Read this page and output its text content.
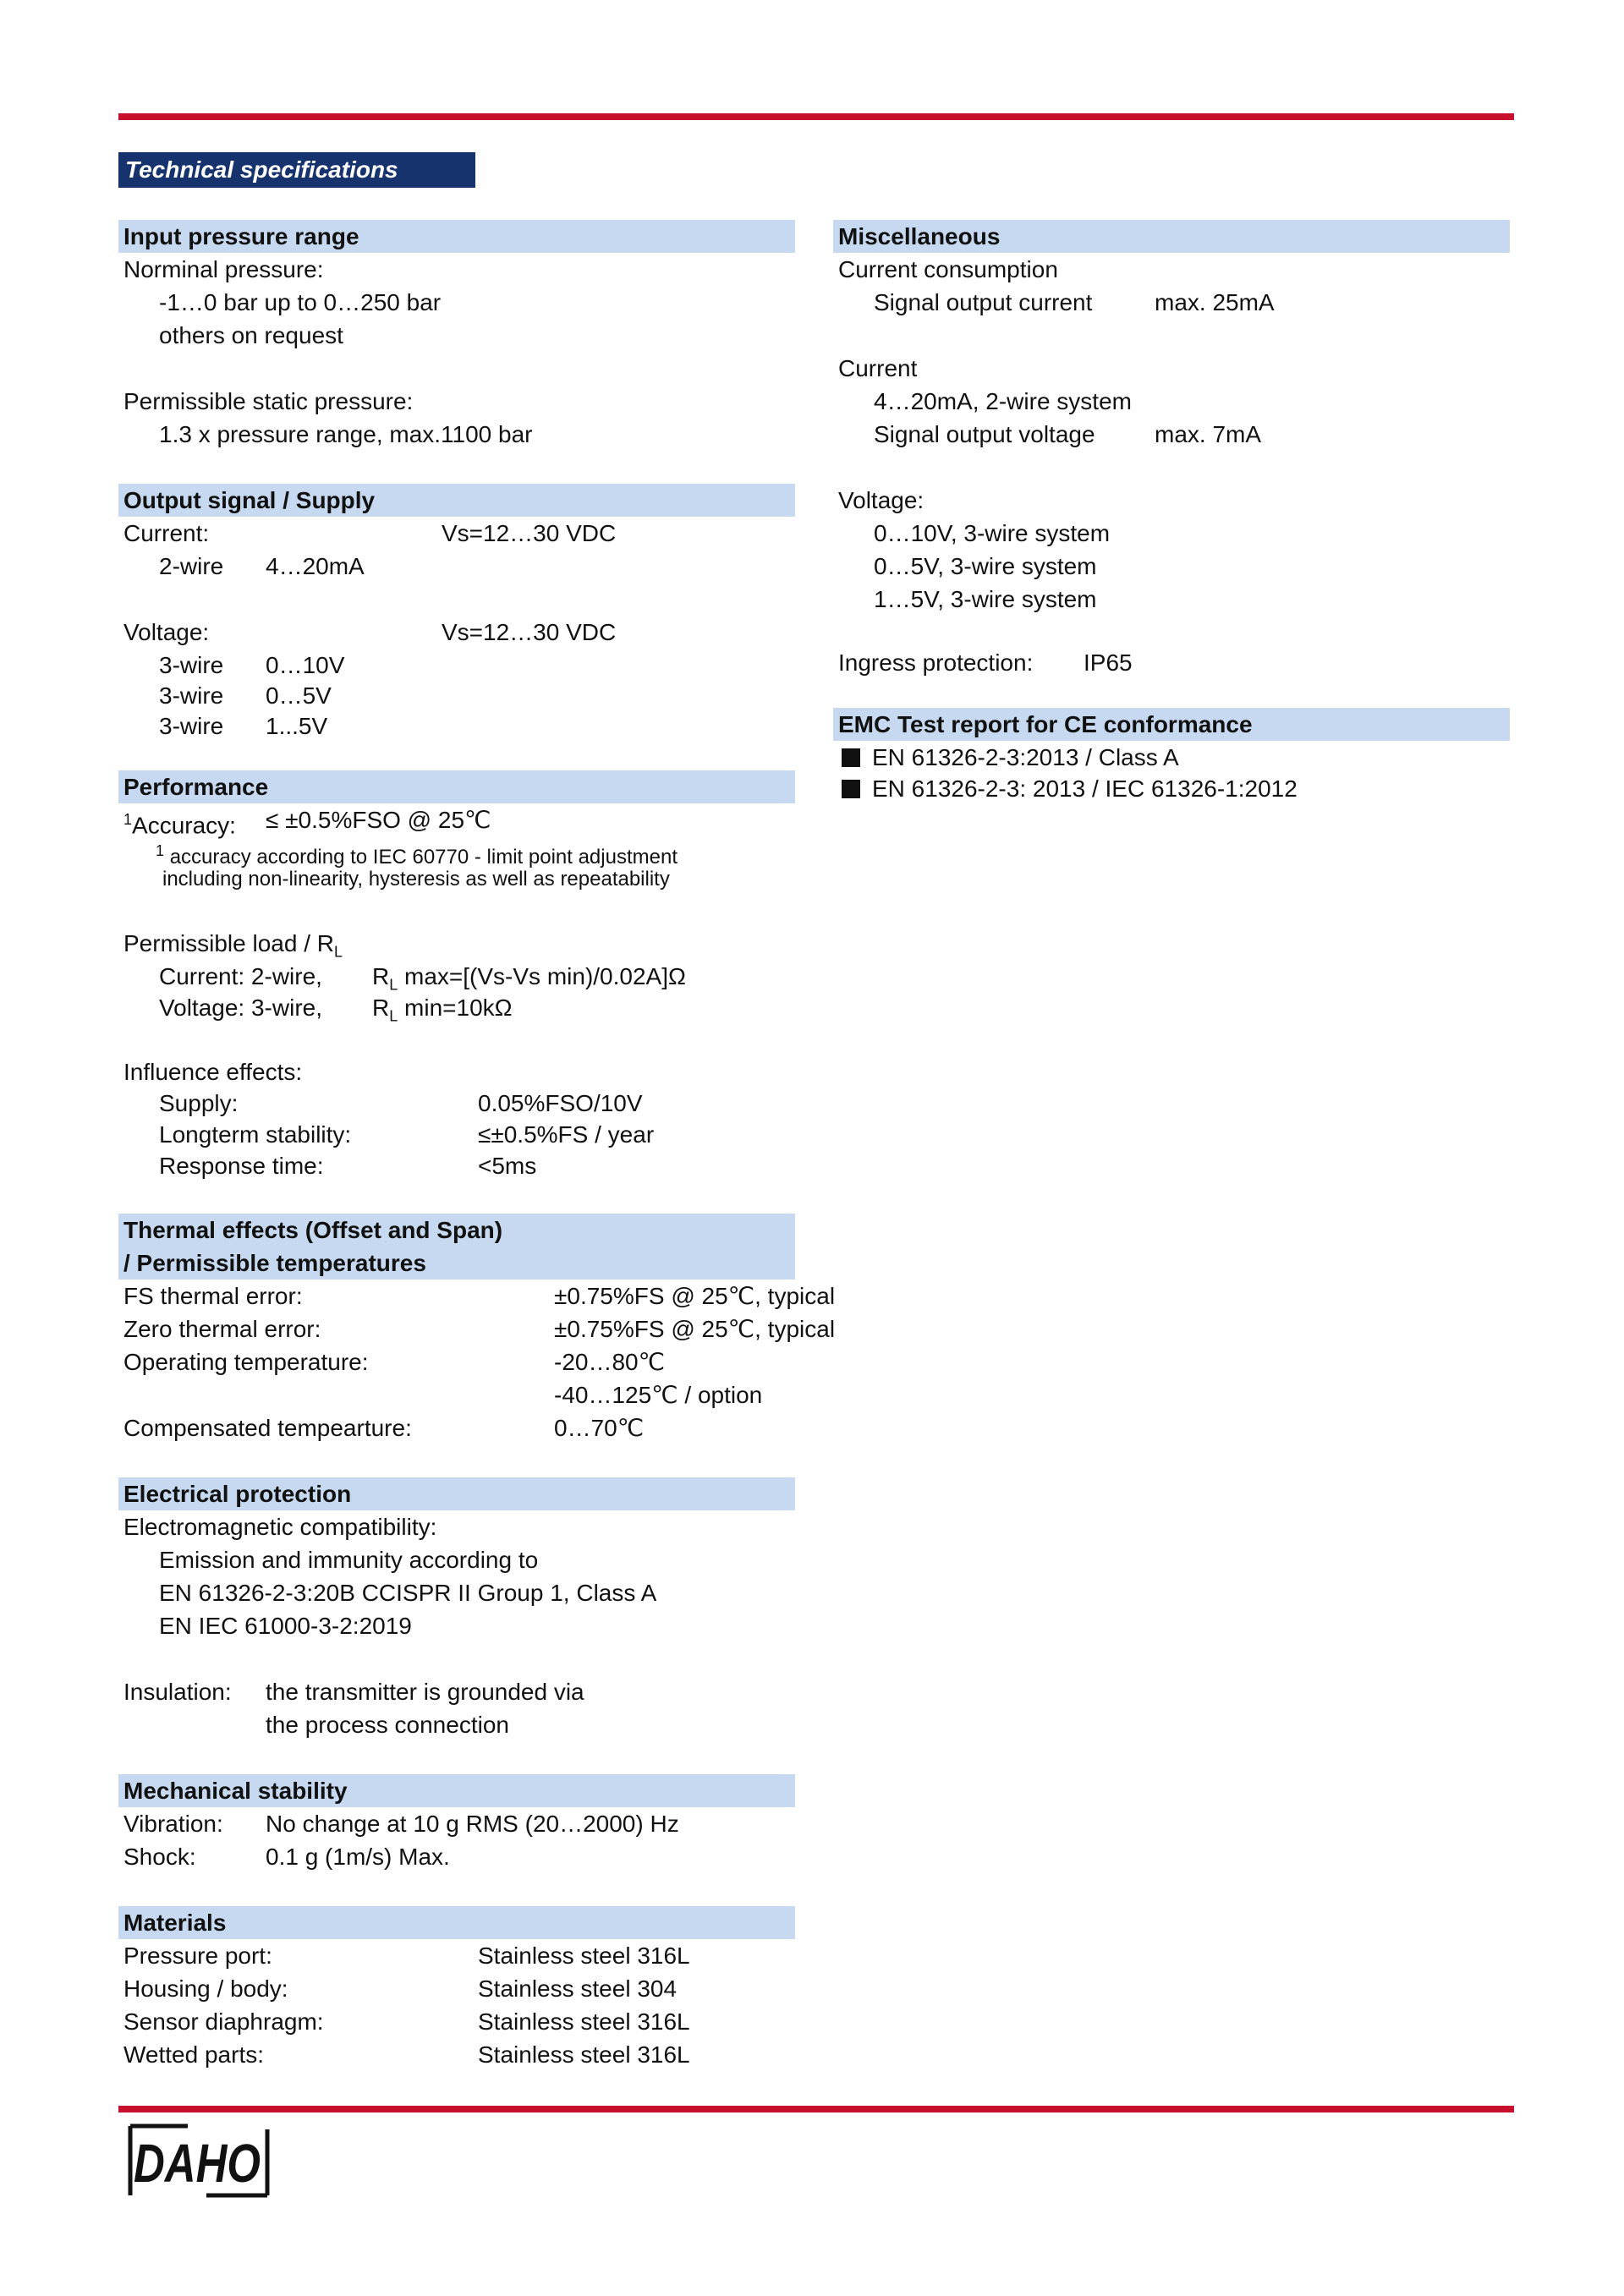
Technical specifications
Input pressure range
Norminal pressure:
-1…0 bar up to 0…250 bar
others on request
Permissible static pressure:
1.3 x pressure range, max.1100 bar
Output signal / Supply
Current:	Vs=12…30 VDC
2-wire 4…20mA
Voltage:	Vs=12…30 VDC
3-wire 0…10V
3-wire 0…5V
3-wire 1...5V
Performance
$^1$Accuracy: ≤ ±0.5%FSO @ 25℃
$^1$ accuracy according to IEC 60770 - limit point adjustment
including non-linearity, hysteresis as well as repeatability
Permissible load / $R_L$
Current: 2-wire, $R_L$ max=[(Vs-Vs min)/0.02A]Ω
Voltage: 3-wire, $R_L$ min=10kΩ
Influence effects:
Supply:	0.05%FSO/10V
Longterm stability:	≤±0.5%FS / year
Response time:	<5ms
Thermal effects (Offset and Span)
/ Permissible temperatures
FS thermal error:	±0.75%FS @ 25℃, typical
Zero thermal error:	±0.75%FS @ 25℃, typical
Operating temperature:	-20…80℃
-40…125℃ / option
Compensated tempearture:	0…70℃
Electrical protection
Electromagnetic compatibility:
Emission and immunity according to
EN 61326-2-3:20B CCISPR II Group 1, Class A
EN IEC 61000-3-2:2019
Insulation: the transmitter is grounded via
the process connection
Mechanical stability
Vibration: No change at 10 g RMS (20…2000) Hz
Shock:	0.1 g (1m/s) Max.
Materials
Pressure port:	Stainless steel 316L
Housing / body:	Stainless steel 304
Sensor diaphragm:	Stainless steel 316L
Wetted parts:	Stainless steel 316L
Miscellaneous
Current consumption
Signal output current	max. 25mA
Current
4…20mA, 2-wire system
Signal output voltage	max. 7mA
Voltage:
0…10V, 3-wire system
0…5V, 3-wire system
1…5V, 3-wire system
Ingress protection: IP65
EMC Test report for CE conformance
EN 61326-2-3:2013 / Class A
EN 61326-2-3: 2013 / IEC 61326-1:2012
DAHO
